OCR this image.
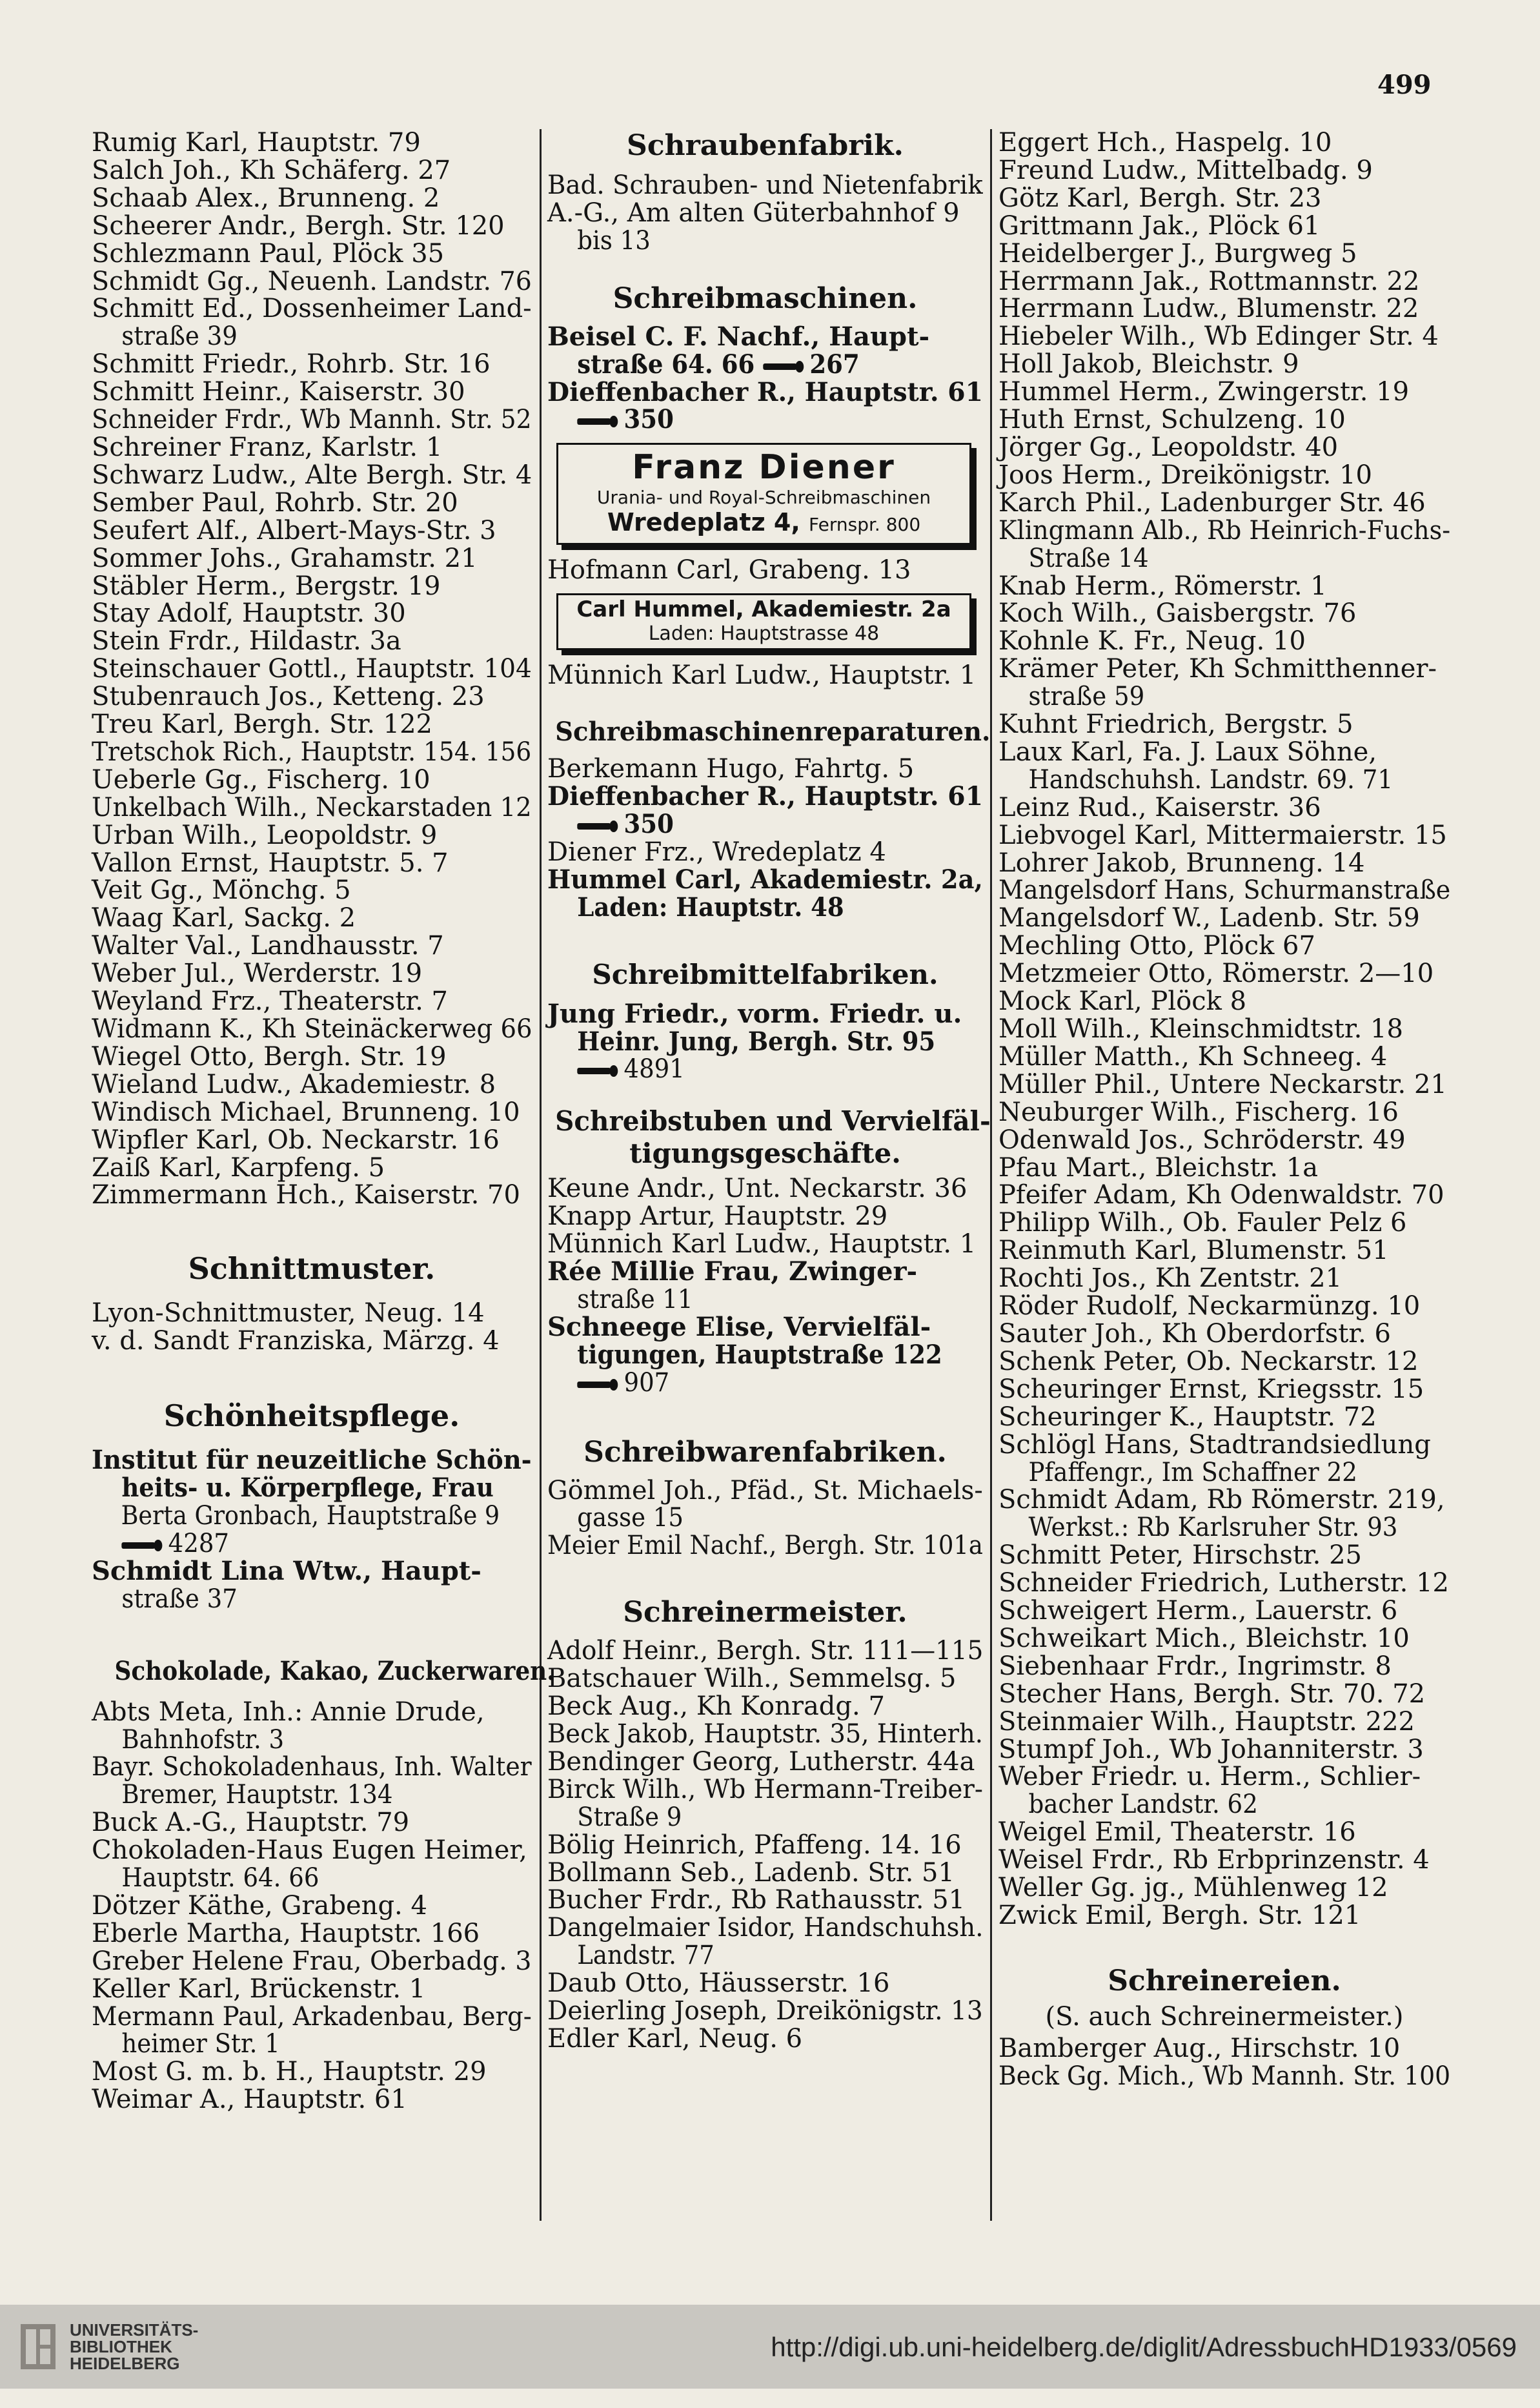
499
Rumig Karl, Hauptstr. 79
Salch Joh., Kh Schäferg. 27
Schaab Alex., Brunneng. 2
Scheerer Andr., Bergh. Str. 120
Schlezmann Paul, Plöck 35
Schmidt Gg., Neuenh. Landstr. 76
Schmitt Ed., Dossenheimer Land-
straße 39
Schmitt Friedr., Rohrb. Str. 16
Schmitt Heinr., Kaiserstr. 30
Schneider Frdr., Wb Mannh. Str. 52
Schreiner Franz, Karlstr. 1
Schwarz Ludw., Alte Bergh. Str. 4
Sember Paul, Rohrb. Str. 20
Seufert Alf., Albert-Mays-Str. 3
Sommer Johs., Grahamstr. 21
Stäbler Herm., Bergstr. 19
Stay Adolf, Hauptstr. 30
Stein Frdr., Hildastr. 3a
Steinschauer Gottl., Hauptstr. 104
Stubenrauch Jos., Ketteng. 23
Treu Karl, Bergh. Str. 122
Tretschok Rich., Hauptstr. 154. 156
Ueberle Gg., Fischerg. 10
Unkelbach Wilh., Neckarstaden 12
Urban Wilh., Leopoldstr. 9
Vallon Ernst, Hauptstr. 5. 7
Veit Gg., Mönchg. 5
Waag Karl, Sackg. 2
Walter Val., Landhausstr. 7
Weber Jul., Werderstr. 19
Weyland Frz., Theaterstr. 7
Widmann K., Kh Steinäckerweg 66
Wiegel Otto, Bergh. Str. 19
Wieland Ludw., Akademiestr. 8
Windisch Michael, Brunneng. 10
Wipfler Karl, Ob. Neckarstr. 16
Zaiß Karl, Karpfeng. 5
Zimmermann Hch., Kaiserstr. 70
Schnittmuster.
Lyon-Schnittmuster, Neug. 14
v. d. Sandt Franziska, Märzg. 4
Schönheitspflege.
Institut für neuzeitliche Schön-
heits- u. Körperpflege, Frau
Berta Gronbach, Hauptstraße 9
4287
Schmidt Lina Wtw., Haupt-
straße 37
Schokolade, Kakao, Zuckerwaren.
Abts Meta, Inh.: Annie Drude,
Bahnhofstr. 3
Bayr. Schokoladenhaus, Inh. Walter
Bremer, Hauptstr. 134
Buck A.-G., Hauptstr. 79
Chokoladen-Haus Eugen Heimer,
Hauptstr. 64. 66
Dötzer Käthe, Grabeng. 4
Eberle Martha, Hauptstr. 166
Greber Helene Frau, Oberbadg. 3
Keller Karl, Brückenstr. 1
Mermann Paul, Arkadenbau, Berg-
heimer Str. 1
Most G. m. b. H., Hauptstr. 29
Weimar A., Hauptstr. 61
Schraubenfabrik.
Bad. Schrauben- und Nietenfabrik
A.-G., Am alten Güterbahnhof 9
bis 13
Schreibmaschinen.
Beisel C. F. Nachf., Haupt-
straße 64. 66 267
Dieffenbacher R., Hauptstr. 61
350
Franz Diener
Urania- und Royal-Schreibmaschinen
Wredeplatz 4, Fernspr. 800
Hofmann Carl, Grabeng. 13
Carl Hummel, Akademiestr. 2a
Laden: Hauptstrasse 48
Münnich Karl Ludw., Hauptstr. 1
Schreibmaschinenreparaturen.
Berkemann Hugo, Fahrtg. 5
Dieffenbacher R., Hauptstr. 61
350
Diener Frz., Wredeplatz 4
Hummel Carl, Akademiestr. 2a,
Laden: Hauptstr. 48
Schreibmittelfabriken.
Jung Friedr., vorm. Friedr. u.
Heinr. Jung, Bergh. Str. 95
4891
Schreibstuben und Vervielfäl-
tigungsgeschäfte.
Keune Andr., Unt. Neckarstr. 36
Knapp Artur, Hauptstr. 29
Münnich Karl Ludw., Hauptstr. 1
Rée Millie Frau, Zwinger-
straße 11
Schneege Elise, Vervielfäl-
tigungen, Hauptstraße 122
907
Schreibwarenfabriken.
Gömmel Joh., Pfäd., St. Michaels-
gasse 15
Meier Emil Nachf., Bergh. Str. 101a
Schreinermeister.
Adolf Heinr., Bergh. Str. 111—115
Batschauer Wilh., Semmelsg. 5
Beck Aug., Kh Konradg. 7
Beck Jakob, Hauptstr. 35, Hinterh.
Bendinger Georg, Lutherstr. 44a
Birck Wilh., Wb Hermann-Treiber-
Straße 9
Bölig Heinrich, Pfaffeng. 14. 16
Bollmann Seb., Ladenb. Str. 51
Bucher Frdr., Rb Rathausstr. 51
Dangelmaier Isidor, Handschuhsh.
Landstr. 77
Daub Otto, Häusserstr. 16
Deierling Joseph, Dreikönigstr. 13
Edler Karl, Neug. 6
Eggert Hch., Haspelg. 10
Freund Ludw., Mittelbadg. 9
Götz Karl, Bergh. Str. 23
Grittmann Jak., Plöck 61
Heidelberger J., Burgweg 5
Herrmann Jak., Rottmannstr. 22
Herrmann Ludw., Blumenstr. 22
Hiebeler Wilh., Wb Edinger Str. 4
Holl Jakob, Bleichstr. 9
Hummel Herm., Zwingerstr. 19
Huth Ernst, Schulzeng. 10
Jörger Gg., Leopoldstr. 40
Joos Herm., Dreikönigstr. 10
Karch Phil., Ladenburger Str. 46
Klingmann Alb., Rb Heinrich-Fuchs-
Straße 14
Knab Herm., Römerstr. 1
Koch Wilh., Gaisbergstr. 76
Kohnle K. Fr., Neug. 10
Krämer Peter, Kh Schmitthenner-
straße 59
Kuhnt Friedrich, Bergstr. 5
Laux Karl, Fa. J. Laux Söhne,
Handschuhsh. Landstr. 69. 71
Leinz Rud., Kaiserstr. 36
Liebvogel Karl, Mittermaierstr. 15
Lohrer Jakob, Brunneng. 14
Mangelsdorf Hans, Schurmanstraße
Mangelsdorf W., Ladenb. Str. 59
Mechling Otto, Plöck 67
Metzmeier Otto, Römerstr. 2—10
Mock Karl, Plöck 8
Moll Wilh., Kleinschmidtstr. 18
Müller Matth., Kh Schneeg. 4
Müller Phil., Untere Neckarstr. 21
Neuburger Wilh., Fischerg. 16
Odenwald Jos., Schröderstr. 49
Pfau Mart., Bleichstr. 1a
Pfeifer Adam, Kh Odenwaldstr. 70
Philipp Wilh., Ob. Fauler Pelz 6
Reinmuth Karl, Blumenstr. 51
Rochti Jos., Kh Zentstr. 21
Röder Rudolf, Neckarmünzg. 10
Sauter Joh., Kh Oberdorfstr. 6
Schenk Peter, Ob. Neckarstr. 12
Scheuringer Ernst, Kriegsstr. 15
Scheuringer K., Hauptstr. 72
Schlögl Hans, Stadtrandsiedlung
Pfaffengr., Im Schaffner 22
Schmidt Adam, Rb Römerstr. 219,
Werkst.: Rb Karlsruher Str. 93
Schmitt Peter, Hirschstr. 25
Schneider Friedrich, Lutherstr. 12
Schweigert Herm., Lauerstr. 6
Schweikart Mich., Bleichstr. 10
Siebenhaar Frdr., Ingrimstr. 8
Stecher Hans, Bergh. Str. 70. 72
Steinmaier Wilh., Hauptstr. 222
Stumpf Joh., Wb Johanniterstr. 3
Weber Friedr. u. Herm., Schlier-
bacher Landstr. 62
Weigel Emil, Theaterstr. 16
Weisel Frdr., Rb Erbprinzenstr. 4
Weller Gg. jg., Mühlenweg 12
Zwick Emil, Bergh. Str. 121
Schreinereien.
(S. auch Schreinermeister.)
Bamberger Aug., Hirschstr. 10
Beck Gg. Mich., Wb Mannh. Str. 100
UNIVERSITÄTS-
BIBLIOTHEK
HEIDELBERG
http://digi.ub.uni-heidelberg.de/diglit/AdressbuchHD1933/0569
